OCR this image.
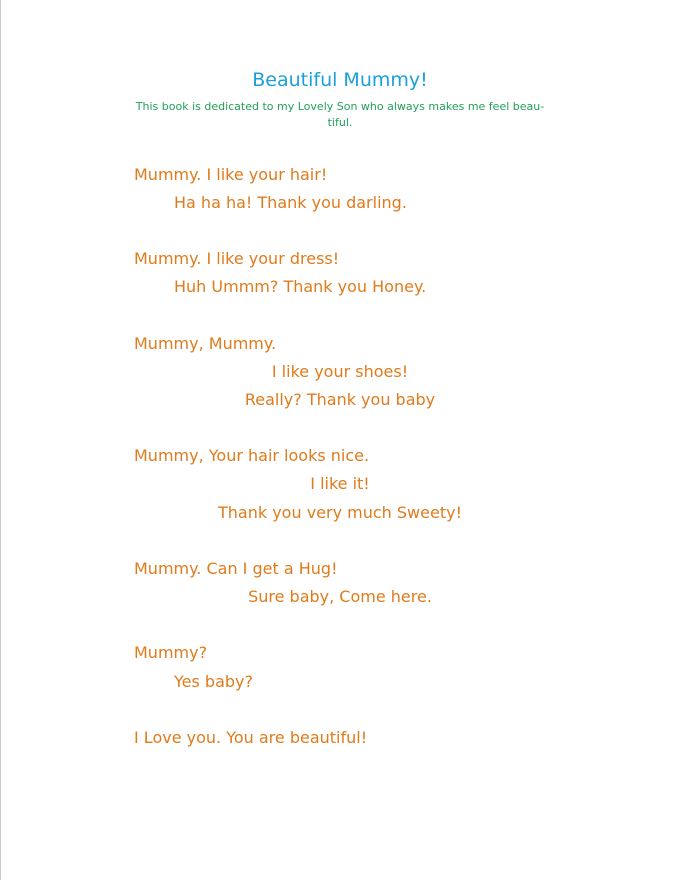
Beautiful Mummy!
This book is dedicated to my Lovely Son who always makes me feel beau-
tiful.
Mummy. I like your hair!
Ha ha ha! Thank you darling.
Mummy. I like your dress!
Huh Ummm? Thank you Honey.
Mummy, Mummy.
I like your shoes!
Really? Thank you baby
Mummy, Your hair looks nice.
I like it!
Thank you very much Sweety!
Mummy. Can I get a Hug!
Sure baby, Come here.
Mummy?
Yes baby?
I Love you. You are beautiful!
